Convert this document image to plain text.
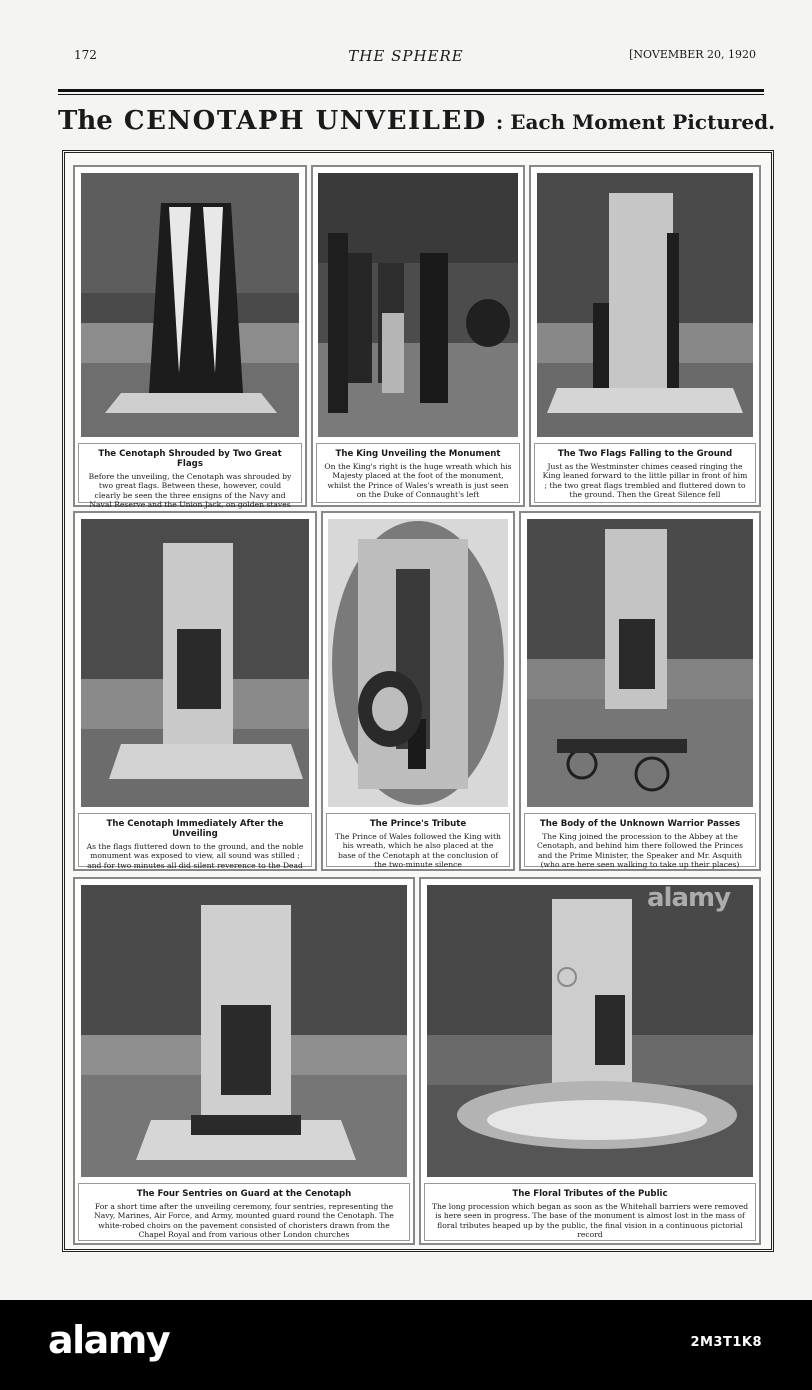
172	THE SPHERE	[NOVEMBER 20, 1920
The CENOTAPH UNVEILED : Each Moment Pictured.

The Cenotaph Shrouded by Two Great Flags

Before the unveiling, the Cenotaph was shrouded by two great flags. Between these, however, could clearly be seen the three ensigns of the Navy and Naval Reserve and the Union Jack, on golden staves

The King Unveiling the Monument

On the King's right is the huge wreath which his Majesty placed at the foot of the monument, whilst the Prince of Wales's wreath is just seen on the Duke of Connaught's left

The Two Flags Falling to the Ground

Just as the Westminster chimes ceased ringing the King leaned forward to the little pillar in front of him ; the two great flags trembled and fluttered down to the ground. Then the Great Silence fell

The Cenotaph Immediately After the Unveiling

As the flags fluttered down to the ground, and the noble monument was exposed to view, all sound was stilled ; and for two minutes all did silent reverence to the Dead

The Prince's Tribute

The Prince of Wales followed the King with his wreath, which he also placed at the base of the Cenotaph at the conclusion of the two-minute silence

The Body of the Unknown Warrior Passes

The King joined the procession to the Abbey at the Cenotaph, and behind him there followed the Princes and the Prime Minister, the Speaker and Mr. Asquith (who are here seen walking to take up their places)

The Four Sentries on Guard at the Cenotaph

For a short time after the unveiling ceremony, four sentries, representing the Navy, Marines, Air Force, and Army, mounted guard round the Cenotaph. The white-robed choirs on the pavement consisted of choristers drawn from the Chapel Royal and from various other London churches

The Floral Tributes of the Public

The long procession which began as soon as the Whitehall barriers were removed is here seen in progress. The base of the monument is almost lost in the mass of floral tributes heaped up by the public, the final vision in a continuous pictorial record

alamy
alamy	2M3T1K8
